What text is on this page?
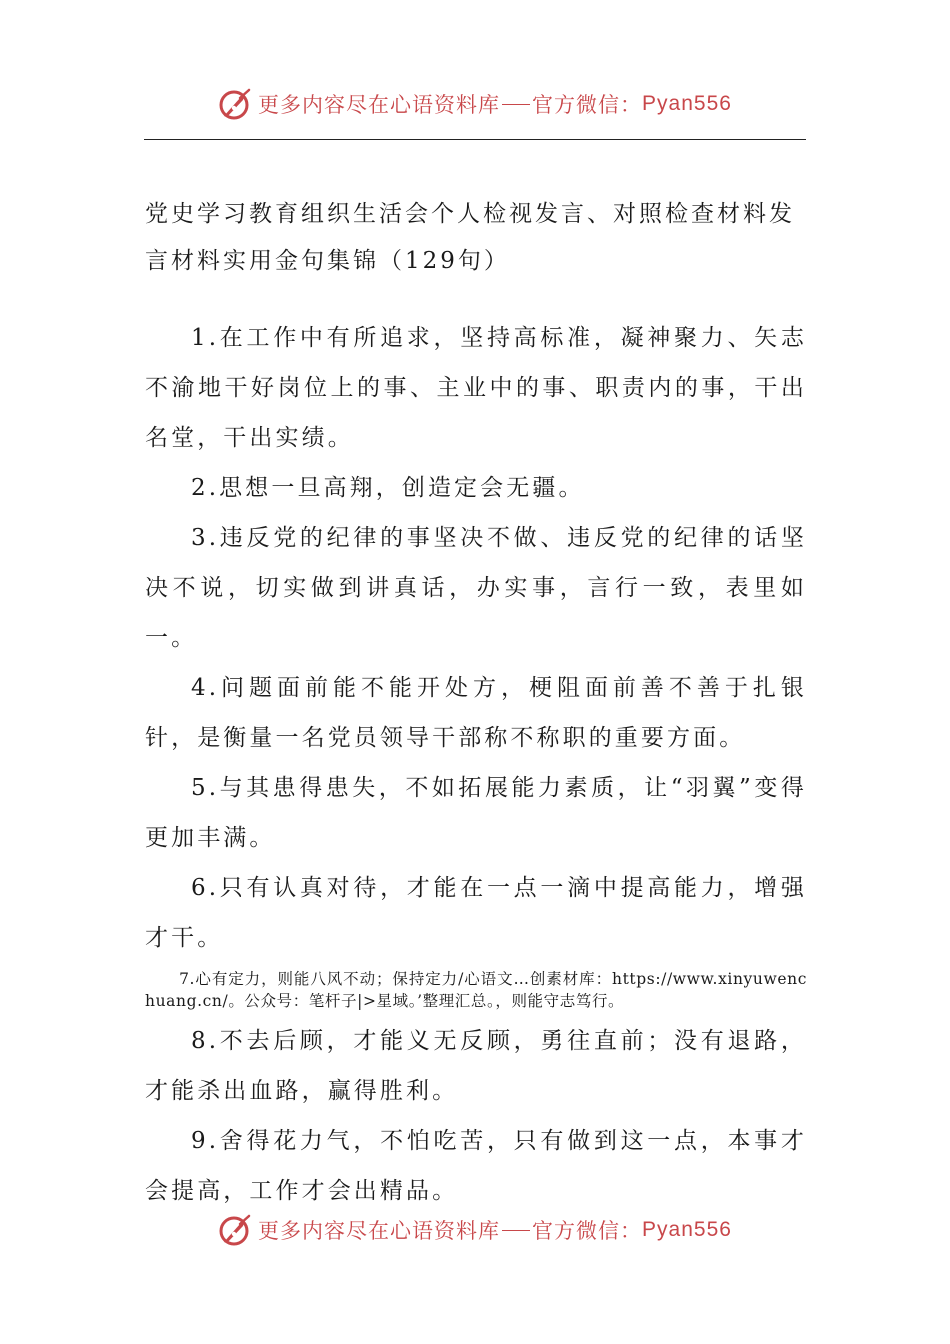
更多内容尽在心语资料库 官方微信： Pyan556

党史学习教育组织生活会个人检视发言、对照检查材料发言材料实用金句集锦（129句）

1.在工作中有所追求，坚持高标准，凝神聚力、矢志不渝地干好岗位上的事、主业中的事、职责内的事，干出名堂，干出实绩。

2.思想一旦高翔，创造定会无疆。

3.违反党的纪律的事坚决不做、违反党的纪律的话坚决不说，切实做到讲真话，办实事，言行一致，表里如一。

4.问题面前能不能开处方，梗阻面前善不善于扎银针，是衡量一名党员领导干部称不称职的重要方面。

5.与其患得患失，不如拓展能力素质，让“羽翼”变得更加丰满。

6.只有认真对待，才能在一点一滴中提高能力，增强才干。

7.心有定力，则能八风不动；保持定力/心语文…创素材库：https://www.xinyuwenchuang.cn/。公众号：笔杆子|>星域。’整理汇总。，则能守志笃行。

8.不去后顾，才能义无反顾，勇往直前；没有退路，才能杀出血路，赢得胜利。

9.舍得花力气，不怕吃苦，只有做到这一点，本事才会提高，工作才会出精品。

更多内容尽在心语资料库 官方微信： Pyan556
